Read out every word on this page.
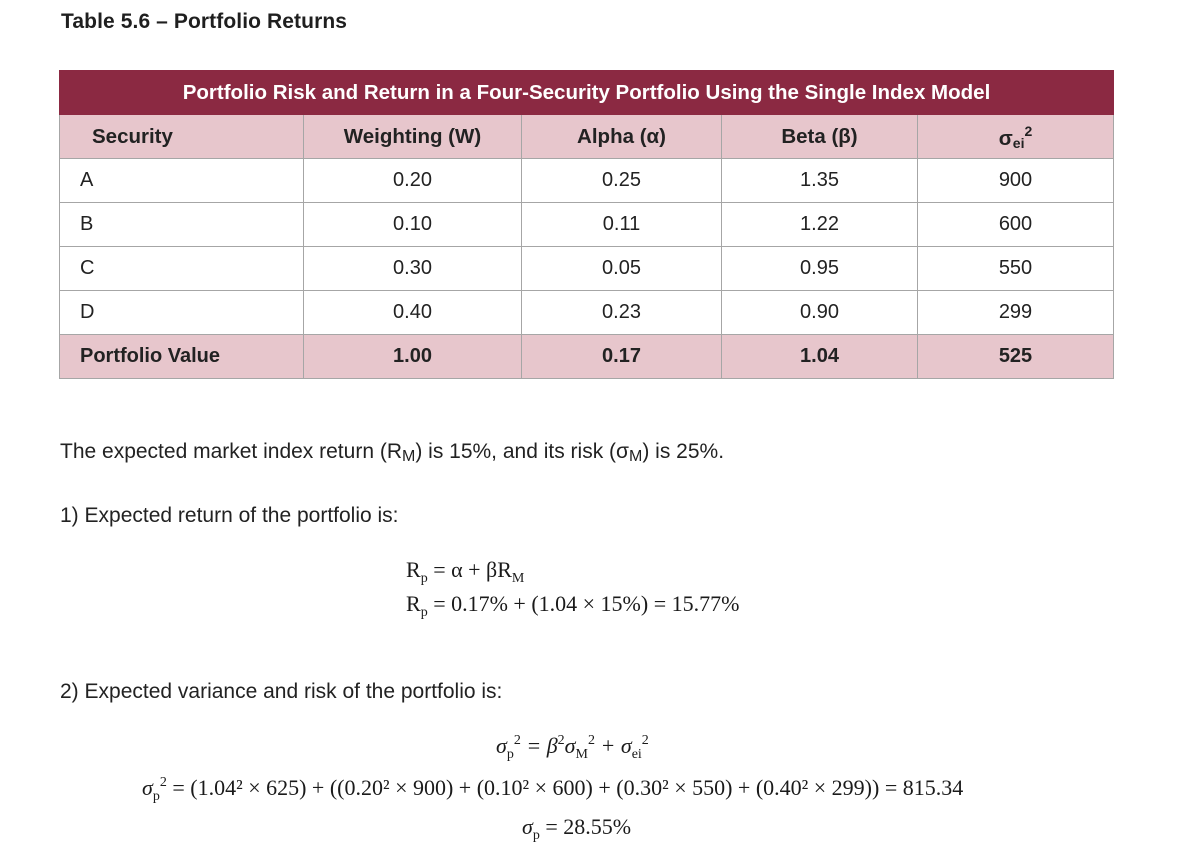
Table 5.6 – Portfolio Returns
Portfolio Risk and Return in a Four-Security Portfolio Using the Single Index Model				
Security	Weighting (W)	Alpha (α)	Beta (β)	$\sigma_{ei}^2$
A	0.20	0.25	1.35	900
B	0.10	0.11	1.22	600
C	0.30	0.05	0.95	550
D	0.40	0.23	0.90	299
Portfolio Value	1.00	0.17	1.04	525
The expected market index return (RM) is 15%, and its risk (σM) is 25%.
1) Expected return of the portfolio is:
$R_p = \alpha + \beta R_M$
$R_p = 0.17\% + (1.04 \times 15\%) = 15.77\%$
2) Expected variance and risk of the portfolio is:
$\sigma_p^2 = \beta^2\sigma_M^2 + \sigma_{ei}^2$
$\sigma_p^2 = (1.04^2 \times 625) + ((0.20^2 \times 900) + (0.10^2 \times 600) + (0.30^2 \times 550) + (0.40^2 \times 299)) = 815.34$
$\sigma_p = 28.55\%$
